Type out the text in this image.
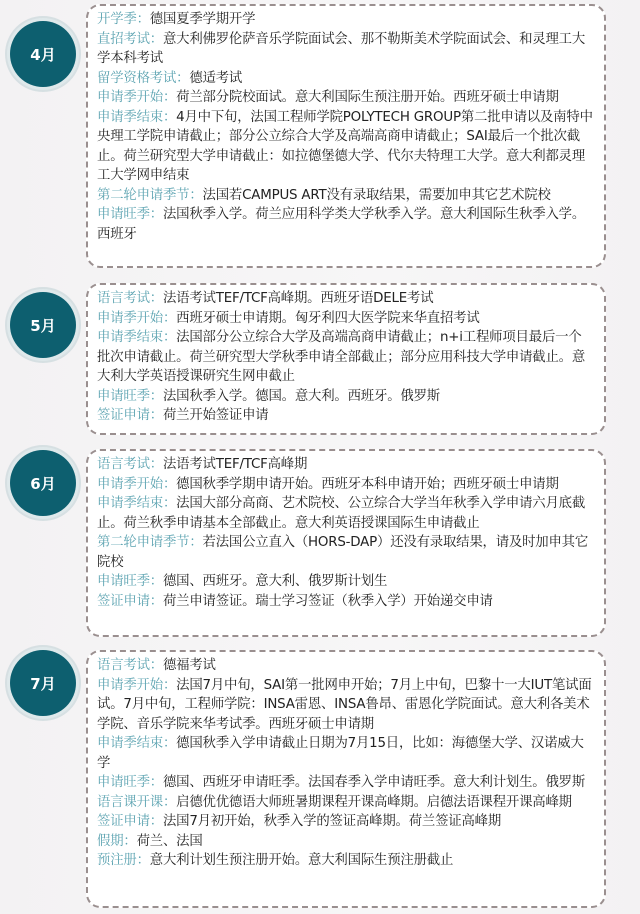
4月

开学季：德国夏季学期开学

直招考试：意大利佛罗伦萨音乐学院面试会、那不勒斯美术学院面试会、和灵理工大学本科考试

留学资格考试：德适考试

申请季开始：荷兰部分院校面试。意大利国际生预注册开始。西班牙硕士申请期

申请季结束：4月中下旬，法国工程师学院POLYTECH GROUP第二批申请以及南特中央理工学院申请截止；部分公立综合大学及高端高商申请截止；SAI最后一个批次截止。荷兰研究型大学申请截止：如拉德堡德大学、代尔夫特理工大学。意大利都灵理工大学网申结束

第二轮申请季节：法国若CAMPUS ART没有录取结果，需要加申其它艺术院校

申请旺季：法国秋季入学。荷兰应用科学类大学秋季入学。意大利国际生秋季入学。西班牙

5月

语言考试：法语考试TEF/TCF高峰期。西班牙语DELE考试

申请季开始：西班牙硕士申请期。匈牙利四大医学院来华直招考试

申请季结束：法国部分公立综合大学及高端高商申请截止；n+i工程师项目最后一个批次申请截止。荷兰研究型大学秋季申请全部截止；部分应用科技大学申请截止。意大利大学英语授课研究生网申截止

申请旺季：法国秋季入学。德国。意大利。西班牙。俄罗斯

签证申请：荷兰开始签证申请

6月

语言考试：法语考试TEF/TCF高峰期

申请季开始：德国秋季学期申请开始。西班牙本科申请开始；西班牙硕士申请期

申请季结束：法国大部分高商、艺术院校、公立综合大学当年秋季入学申请六月底截止。荷兰秋季申请基本全部截止。意大利英语授课国际生申请截止

第二轮申请季节：若法国公立直入（HORS-DAP）还没有录取结果，请及时加申其它院校

申请旺季：德国、西班牙。意大利、俄罗斯计划生

签证申请：荷兰申请签证。瑞士学习签证（秋季入学）开始递交申请

7月

语言考试：德福考试

申请季开始：法国7月中旬，SAI第一批网申开始；7月上中旬，巴黎十一大IUT笔试面试。7月中旬，工程师学院：INSA雷恩、INSA鲁昂、雷恩化学院面试。意大利各美术学院、音乐学院来华考试季。西班牙硕士申请期

申请季结束：德国秋季入学申请截止日期为7月15日，比如：海德堡大学、汉诺威大学

申请旺季：德国、西班牙申请旺季。法国春季入学申请旺季。意大利计划生。俄罗斯

语言课开课：启德优优德语大师班暑期课程开课高峰期。启德法语课程开课高峰期

签证申请：法国7月初开始，秋季入学的签证高峰期。荷兰签证高峰期

假期：荷兰、法国

预注册：意大利计划生预注册开始。意大利国际生预注册截止
